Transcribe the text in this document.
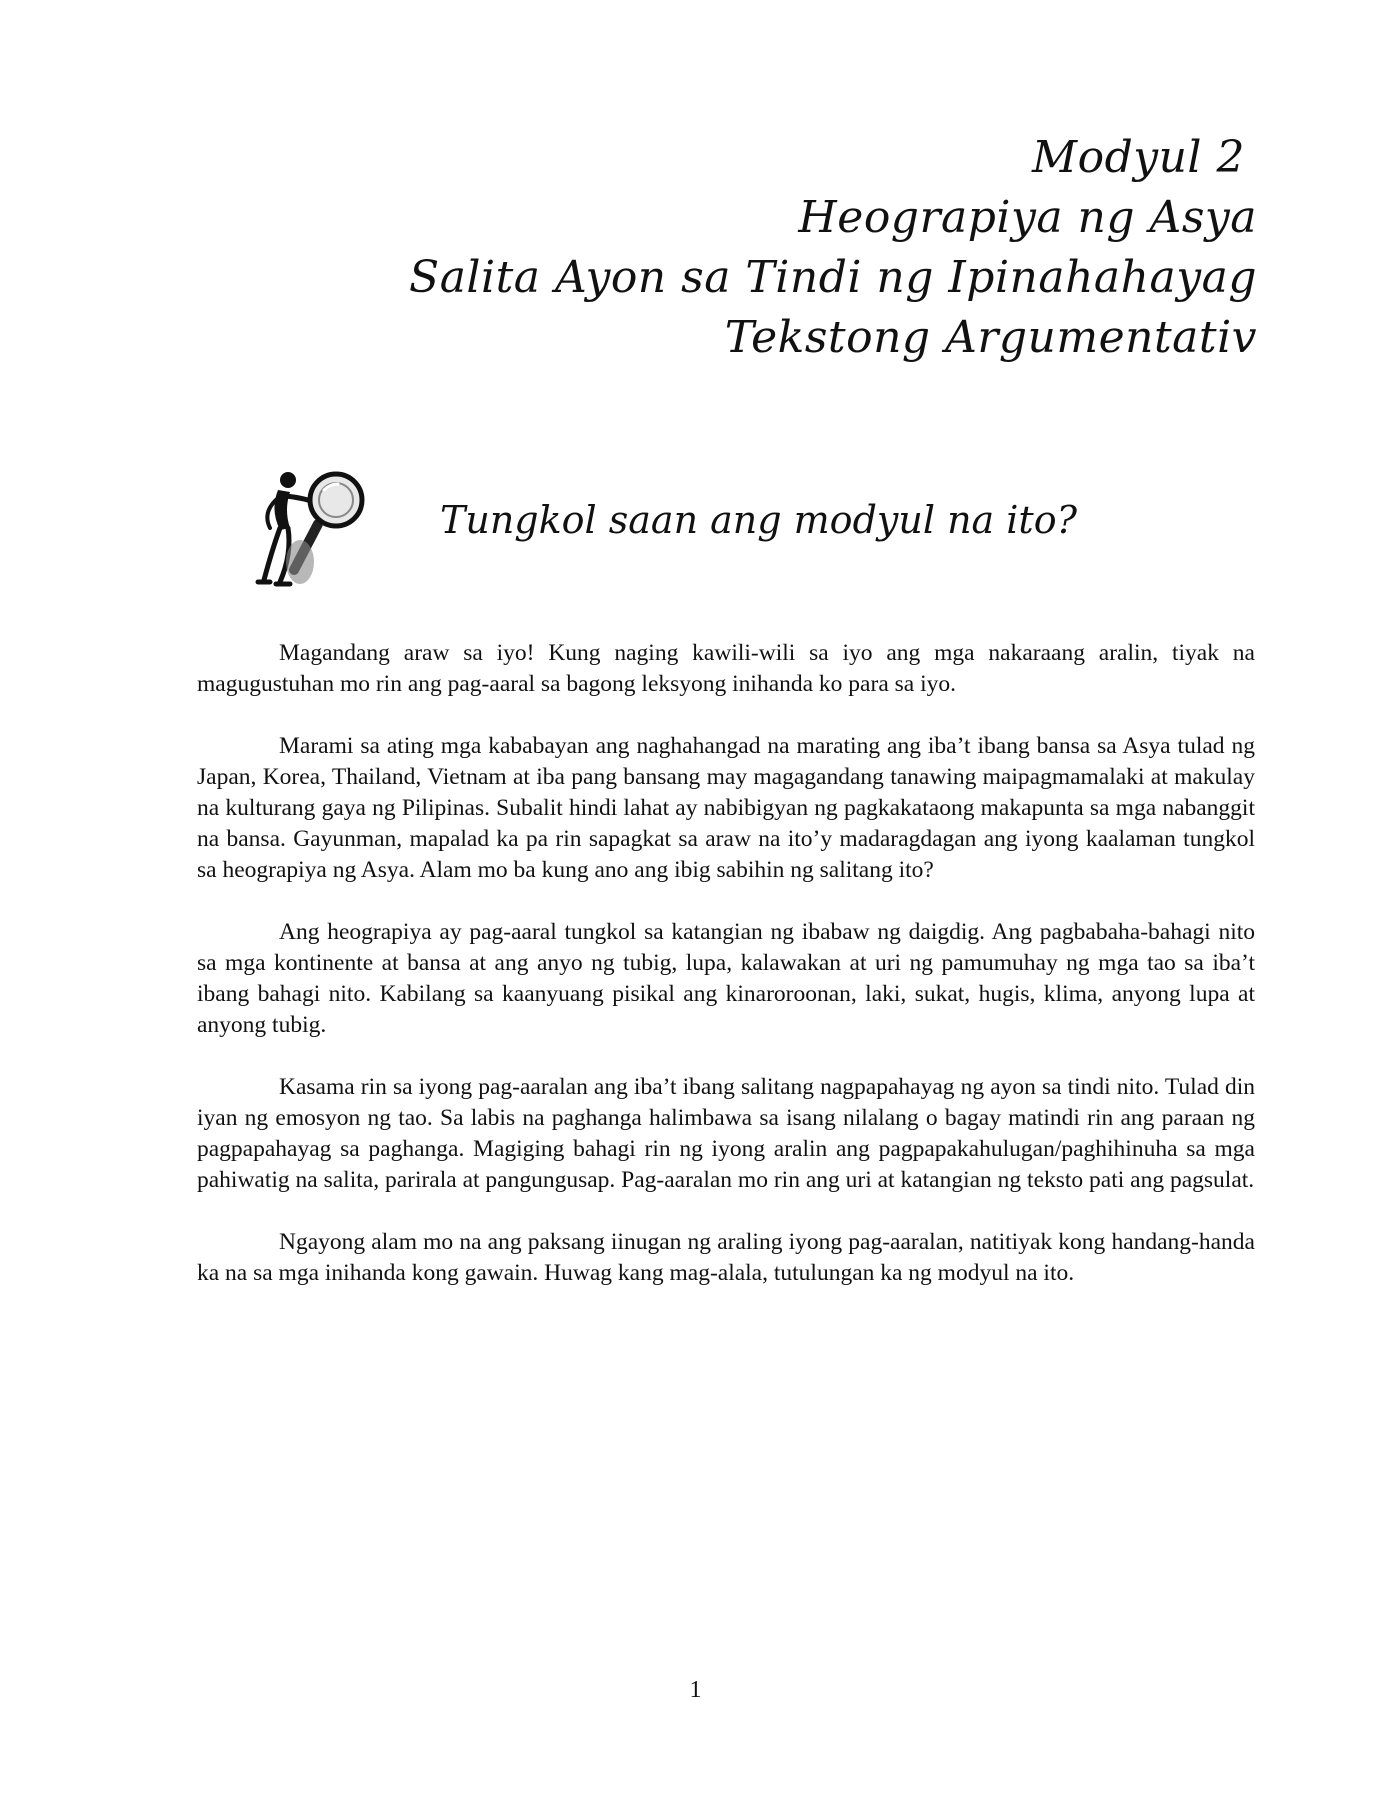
Modyul 2
Heograpiya ng Asya
Salita Ayon sa Tindi ng Ipinahahayag
Tekstong Argumentativ
Tungkol saan ang modyul na ito?

Magandang araw sa iyo! Kung naging kawili-wili sa iyo ang mga nakaraang aralin, tiyak na magugustuhan mo rin ang pag-aaral sa bagong leksyong inihanda ko para sa iyo.

Marami sa ating mga kababayan ang naghahangad na marating ang iba’t ibang bansa sa Asya tulad ng Japan, Korea, Thailand, Vietnam at iba pang bansang may magagandang tanawing maipagmamalaki at makulay na kulturang gaya ng Pilipinas. Subalit hindi lahat ay nabibigyan ng pagkakataong makapunta sa mga nabanggit na bansa. Gayunman, mapalad ka pa rin sapagkat sa araw na ito’y madaragdagan ang iyong kaalaman tungkol sa heograpiya ng Asya. Alam mo ba kung ano ang ibig sabihin ng salitang ito?

Ang heograpiya ay pag-aaral tungkol sa katangian ng ibabaw ng daigdig. Ang pagbabaha-bahagi nito sa mga kontinente at bansa at ang anyo ng tubig, lupa, kalawakan at uri ng pamumuhay ng mga tao sa iba’t ibang bahagi nito. Kabilang sa kaanyuang pisikal ang kinaroroonan, laki, sukat, hugis, klima, anyong lupa at anyong tubig.

Kasama rin sa iyong pag-aaralan ang iba’t ibang salitang nagpapahayag ng ayon sa tindi nito. Tulad din iyan ng emosyon ng tao. Sa labis na paghanga halimbawa sa isang nilalang o bagay matindi rin ang paraan ng pagpapahayag sa paghanga. Magiging bahagi rin ng iyong aralin ang pagpapakahulugan/paghihinuha sa mga pahiwatig na salita, parirala at pangungusap. Pag-aaralan mo rin ang uri at katangian ng teksto pati ang pagsulat.

Ngayong alam mo na ang paksang iinugan ng araling iyong pag-aaralan, natitiyak kong handang-handa ka na sa mga inihanda kong gawain. Huwag kang mag-alala, tutulungan ka ng modyul na ito.

1
